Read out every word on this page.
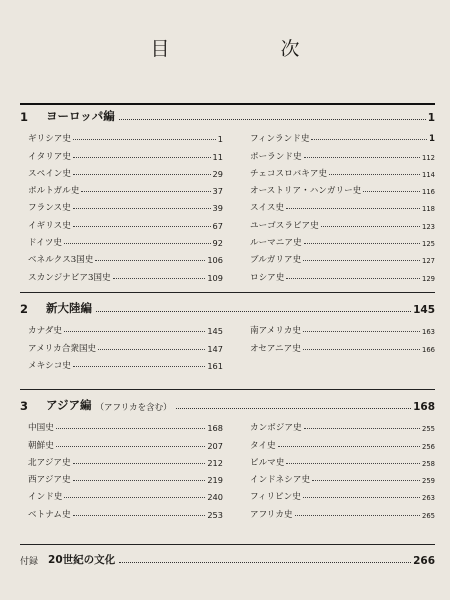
目　次
1	ヨーロッパ編	1
ギリシア史	1
イタリア史	11
スペイン史	29
ポルトガル史	37
フランス史	39
イギリス史	67
ドイツ史	92
ベネルクス3国史	106
スカンジナビア3国史	109
フィンランド史	1
ポーランド史	112
チェコスロバキア史	114
オーストリア・ハンガリー史	116
スイス史	118
ユーゴスラビア史	123
ルーマニア史	125
ブルガリア史	127
ロシア史	129
2	新大陸編	145
カナダ史	145
アメリカ合衆国史	147
メキシコ史	161
南アメリカ史	163
オセアニア史	166
3	アジア編 （アフリカを含む）	168
中国史	168
朝鮮史	207
北アジア史	212
西アジア史	219
インド史	240
ベトナム史	253
カンボジア史	255
タイ史	256
ビルマ史	258
インドネシア史	259
フィリピン史	263
アフリカ史	265
付録 20世紀の文化	266
